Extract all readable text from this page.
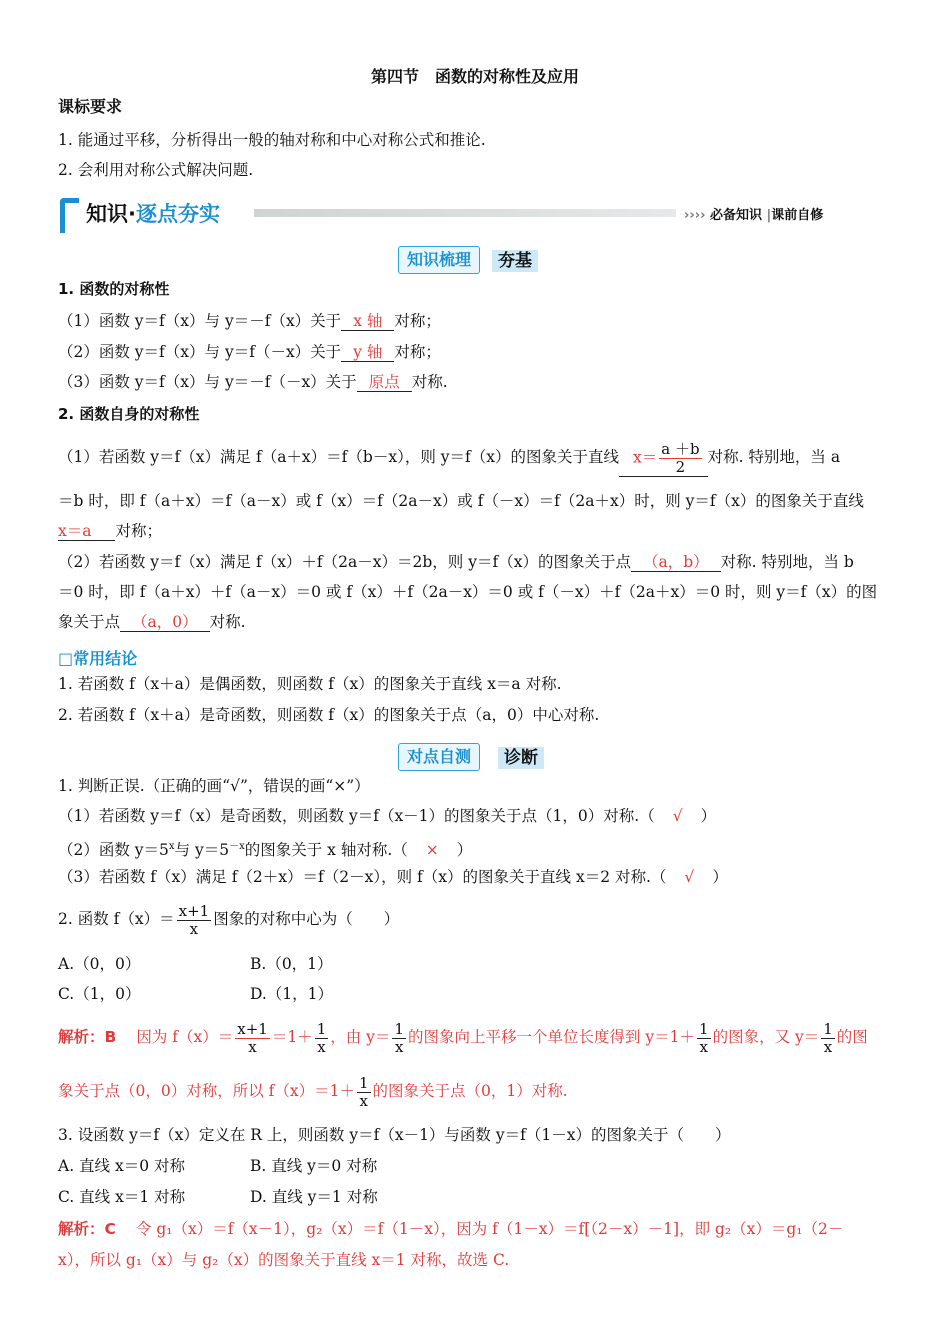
第四节　函数的对称性及应用
课标要求
1. 能通过平移，分析得出一般的轴对称和中心对称公式和推论.
2. 会利用对称公式解决问题.
知识·逐点夯实	›››› 必备知识 |课前自修
夯基
知识梳理
1. 函数的对称性
（1）函数 y＝f（x）与 y＝－f（x）关于 x 轴 对称；
（2）函数 y＝f（x）与 y＝f（－x）关于 y 轴 对称；
（3）函数 y＝f（x）与 y＝－f（－x）关于 原点 对称.
2. 函数自身的对称性
（1）若函数 y＝f（x）满足 f（a＋x）＝f（b－x），则 y＝f（x）的图象关于直线 $x= \frac{a +b}{2}$ 对称. 特别地，当 a
＝b 时，即 f（a＋x）＝f（a－x）或 f（x）＝f（2a－x）或 f（－x）＝f（2a＋x）时，则 y＝f（x）的图象关于直线
x＝a 对称；
（2）若函数 y＝f（x）满足 f（x）＋f（2a－x）＝2b，则 y＝f（x）的图象关于点 （a，b） 对称. 特别地，当 b
＝0 时，即 f（a＋x）＋f（a－x）＝0 或 f（x）＋f（2a－x）＝0 或 f（－x）＋f（2a＋x）＝0 时，则 y＝f（x）的图
象关于点 （a，0） 对称.
□常用结论
1. 若函数 f（x＋a）是偶函数，则函数 f（x）的图象关于直线 x＝a 对称.
2. 若函数 f（x＋a）是奇函数，则函数 f（x）的图象关于点（a，0）中心对称.
诊断
对点自测
1. 判断正误.（正确的画“√”，错误的画“×”）
（1）若函数 y＝f（x）是奇函数，则函数 y＝f（x－1）的图象关于点（1，0）对称.（ √ ）
（2）函数 $y=5^x$与 $y=5^{-x}$的图象关于 x 轴对称.（ × ）
（3）若函数 f（x）满足 f（2＋x）＝f（2－x），则 f（x）的图象关于直线 x＝2 对称.（ √ ）
2. 函数 $f(x)= \frac{x+1}{x}$ 图象的对称中心为（　　）
A.（0，0）	B.（0，1）
C.（1，0）	D.（1，1）
解析：B 因为 $f(x)= \frac{x+1}{x} =1+ \frac{1}{x}$ ，由 $y= \frac{1}{x}$ 的图象向上平移一个单位长度得到 $y=1+ \frac{1}{x}$ 的图象，又 $y= \frac{1}{x}$ 的图
象关于点（0，0）对称，所以 $f(x)=1+ \frac{1}{x}$ 的图象关于点（0，1）对称.
3. 设函数 y＝f（x）定义在 R 上，则函数 y＝f（x－1）与函数 y＝f（1－x）的图象关于（　　）
A. 直线 x＝0 对称	B. 直线 y＝0 对称
C. 直线 x＝1 对称	D. 直线 y＝1 对称
解析：C 令 g₁（x）＝f（x－1），g₂（x）＝f（1－x），因为 f（1－x）＝f[（2－x）－1]，即 g₂（x）＝g₁（2－
x），所以 g₁（x）与 g₂（x）的图象关于直线 x＝1 对称，故选 C.
